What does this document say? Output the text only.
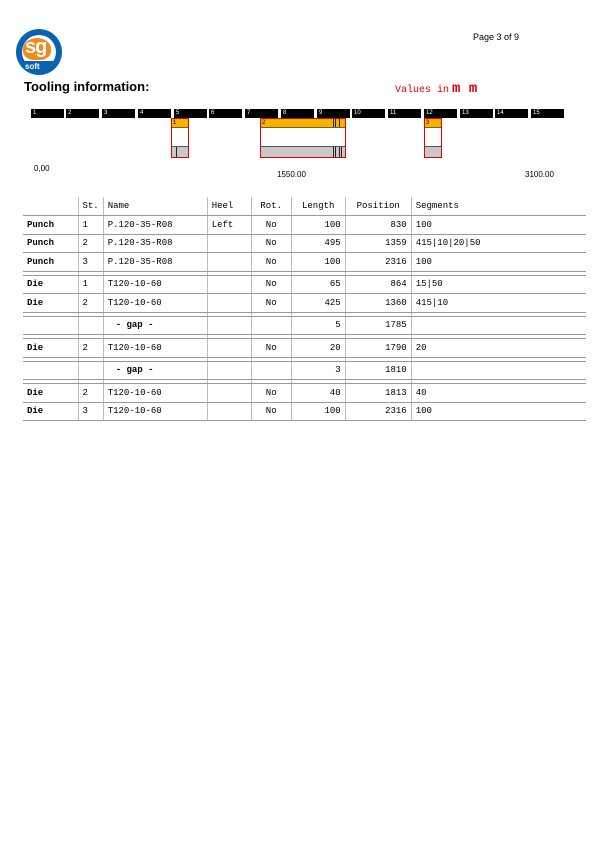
Page 3 of 9
sg
soft
Tooling information:	Values in m m
1	2	3	4	5	6	7	8	9	10	11	12	13	14	15
1	2	3
0,00
1550.00	3100.00
	St.	Name	Heel	Rot.	Length	Position	Segments
Punch	1	P.120-35-R08	Left	No	100	830	100
Punch	2	P.120-35-R08		No	495	1359	415|10|20|50
Punch	3	P.120-35-R08		No	100	2316	100

Die	1	T120-10-60		No	65	864	15|50
Die	2	T120-10-60		No	425	1360	415|10

		- gap -			5	1785	

Die	2	T120-10-60		No	20	1790	20

		- gap -			3	1810	

Die	2	T120-10-60		No	40	1813	40
Die	3	T120-10-60		No	100	2316	100
